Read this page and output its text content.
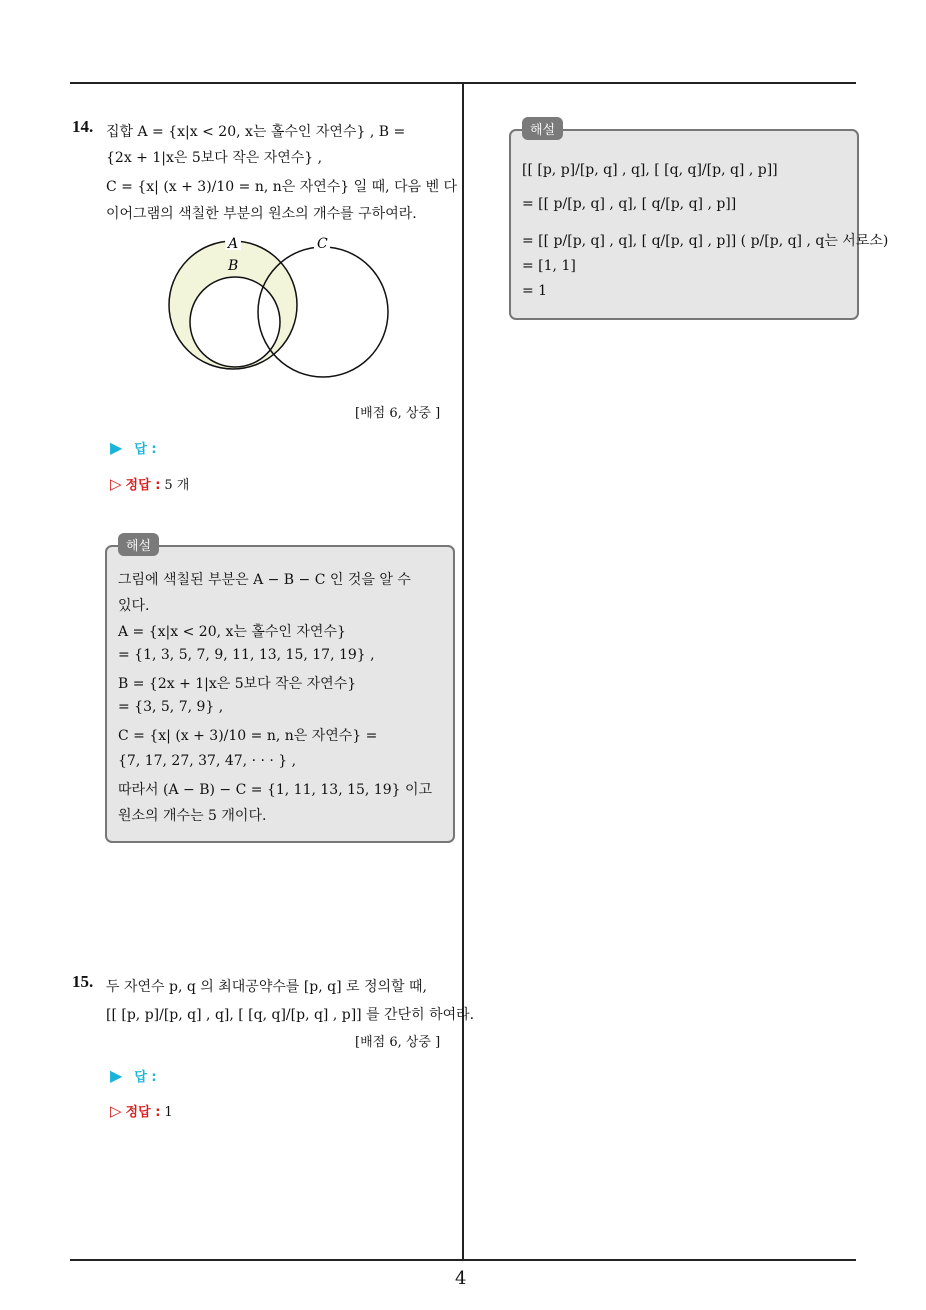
4
14. 집합 A = {x|x < 20, x는 홀수인 자연수} , B =
{2x + 1|x은 5보다 작은 자연수} ,
C = {x| (x + 3)/10 = n, n은 자연수} 일 때, 다음 벤 다
이어그램의 색칠한 부분의 원소의 개수를 구하여라.
A
B
C
[배점 6, 상중 ]
▶ 답 :
▷ 정답 : 5 개
해설
그림에 색칠된 부분은 A − B − C 인 것을 알 수
있다.
A = {x|x < 20, x는 홀수인 자연수}
= {1, 3, 5, 7, 9, 11, 13, 15, 17, 19} ,
B = {2x + 1|x은 5보다 작은 자연수}
= {3, 5, 7, 9} ,
C = {x| (x + 3)/10 = n, n은 자연수} =
{7, 17, 27, 37, 47, · · · } ,
따라서 (A − B) − C = {1, 11, 13, 15, 19} 이고
원소의 개수는 5 개이다.
15. 두 자연수 p, q 의 최대공약수를 [p, q] 로 정의할 때,
[[ [p, p]/[p, q] , q], [ [q, q]/[p, q] , p]] 를 간단히 하여라.
[배점 6, 상중 ]
▶ 답 :
▷ 정답 : 1
해설
[[ [p, p]/[p, q] , q], [ [q, q]/[p, q] , p]]
= [[ p/[p, q] , q], [ q/[p, q] , p]]
= [[ p/[p, q] , q], [ q/[p, q] , p]] ( p/[p, q] , q는 서로소)
= [1, 1]
= 1
